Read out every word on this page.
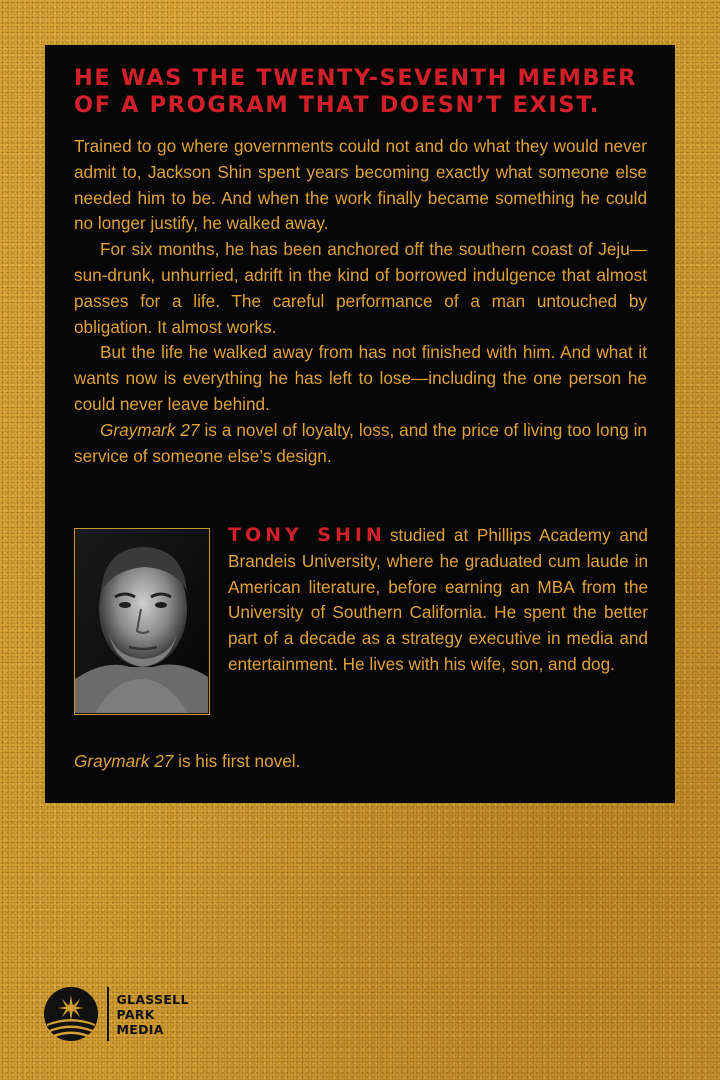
HE WAS THE TWENTY-SEVENTH MEMBER
OF A PROGRAM THAT DOESN’T EXIST.

Trained to go where governments could not and do what they would never admit to, Jackson Shin spent years becoming exactly what someone else needed him to be. And when the work finally became something he could no longer justify, he walked away.

For six months, he has been anchored off the southern coast of Jeju—sun-drunk, unhurried, adrift in the kind of borrowed indulgence that almost passes for a life. The careful performance of a man untouched by obligation. It almost works.

But the life he walked away from has not finished with him. And what it wants now is everything he has left to lose—including the one person he could never leave behind.

Graymark 27 is a novel of loyalty, loss, and the price of living too long in service of someone else’s design.

TONY SHIN studied at Phillips Academy and Brandeis University, where he graduated cum laude in American literature, before earning an MBA from the University of Southern California. He spent the better part of a decade as a strategy executive in media and entertainment. He lives with his wife, son, and dog.

Graymark 27 is his first novel.

GLASSELL
PARK
MEDIA
